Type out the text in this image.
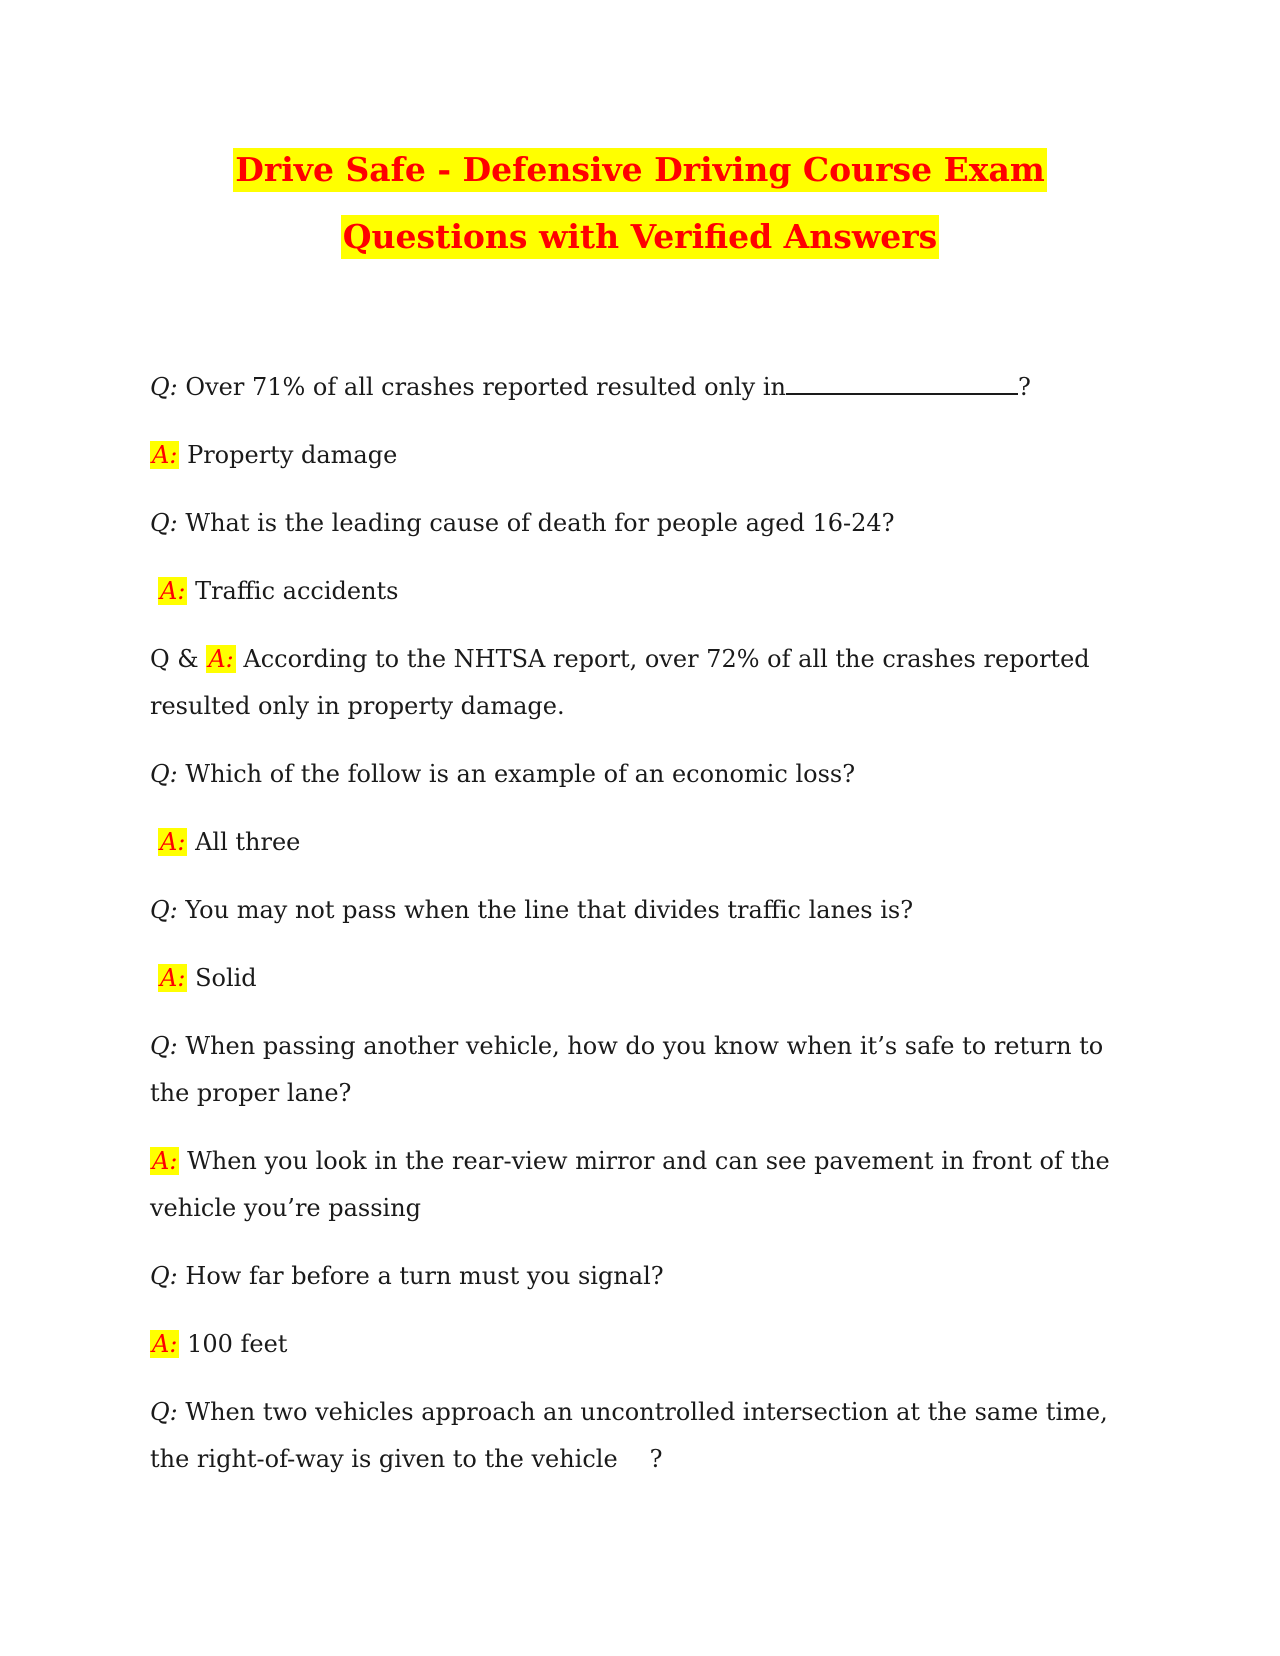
Drive Safe - Defensive Driving Course Exam
Questions with Verified Answers
Q: Over 71% of all crashes reported resulted only in	?
A: Property damage
Q: What is the leading cause of death for people aged 16-24?
A: Traffic accidents
Q & A: According to the NHTSA report, over 72% of all the crashes reported resulted only in property damage.
Q: Which of the follow is an example of an economic loss?
A: All three
Q: You may not pass when the line that divides traffic lanes is?
A: Solid
Q: When passing another vehicle, how do you know when it’s safe to return to the proper lane?
A: When you look in the rear-view mirror and can see pavement in front of the vehicle you’re passing
Q: How far before a turn must you signal?
A: 100 feet
Q: When two vehicles approach an uncontrolled intersection at the same time, the right-of-way is given to the vehicle ?
